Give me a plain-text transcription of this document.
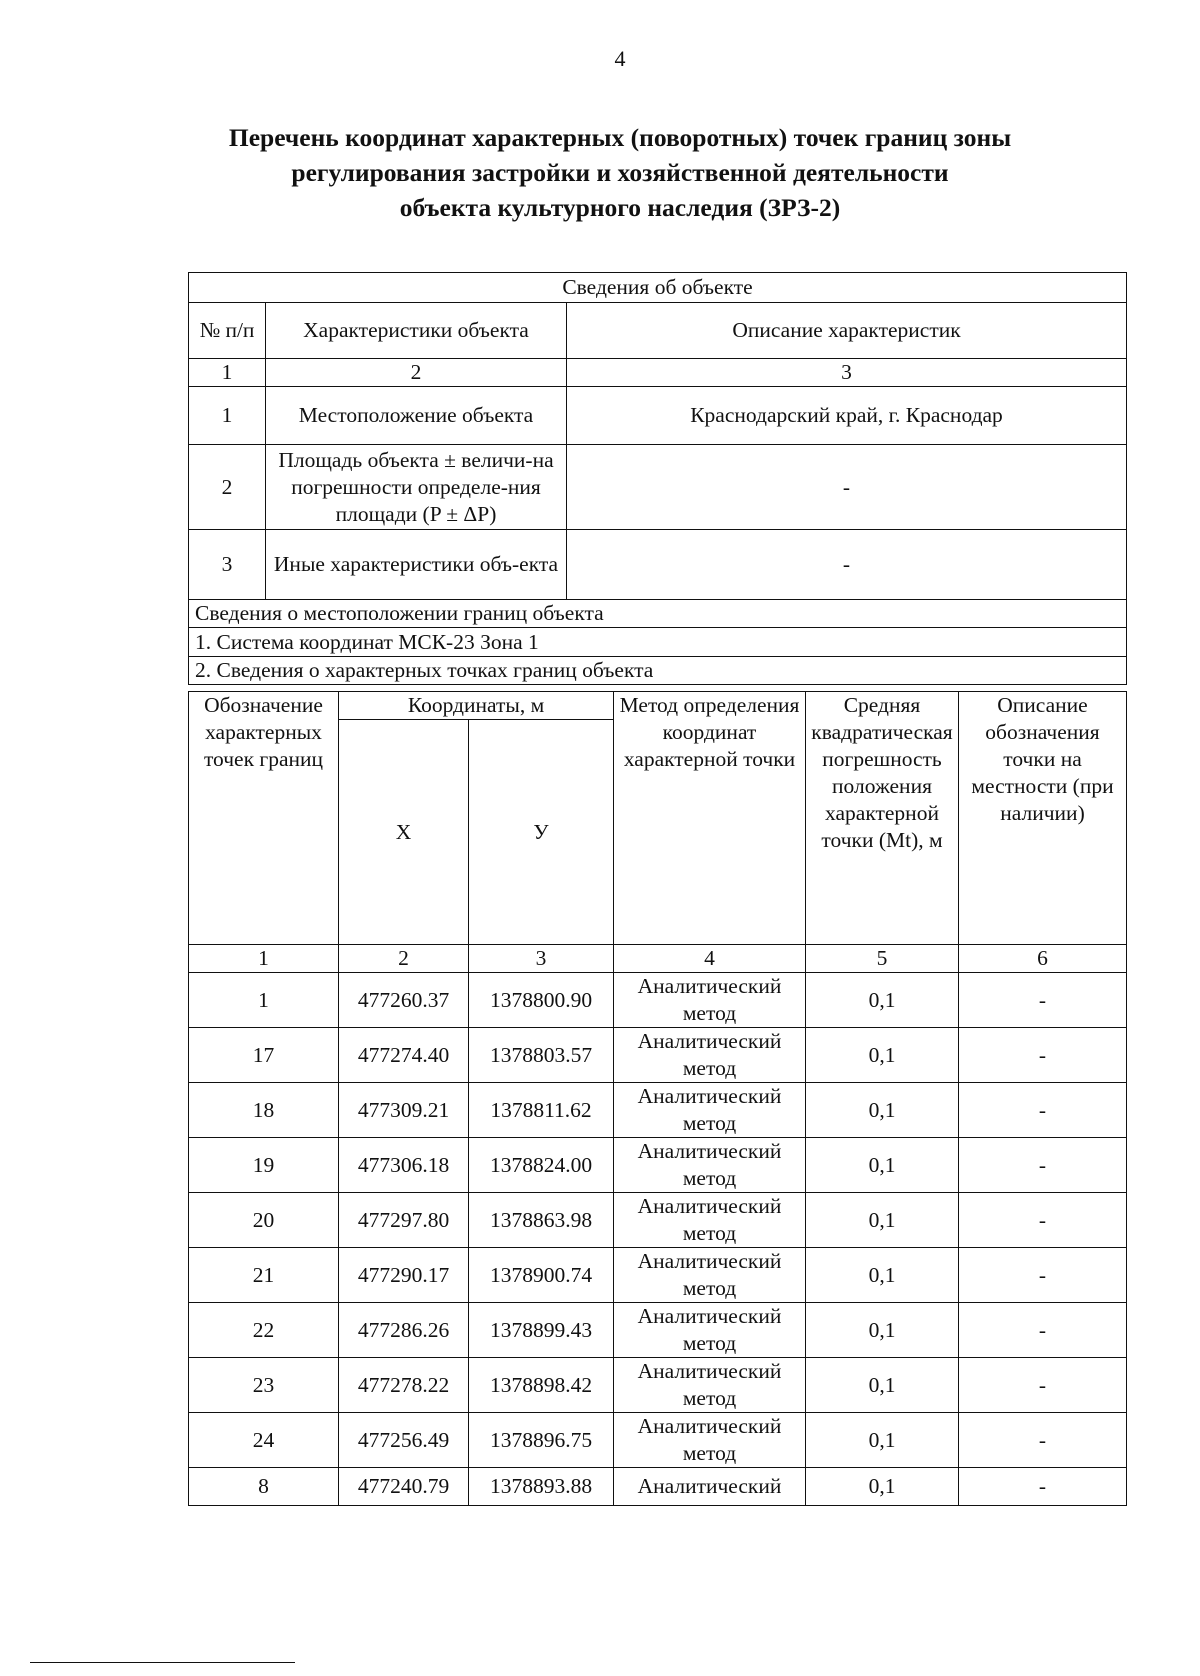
4
Перечень координат характерных (поворотных) точек границ зоны
регулирования застройки и хозяйственной деятельности
объекта культурного наследия (ЗРЗ-2)
Сведения об объекте		
№ п/п	Характеристики объекта	Описание характеристик
1	2	3
1	Местоположение объекта	Краснодарский край, г. Краснодар
2	Площадь объекта ± величи-на погрешности определе-ния площади (P ± ΔP)	-
3	Иные характеристики объ-екта	-
Сведения о местоположении границ объекта		
1. Система координат МСК-23 Зона 1		
2. Сведения о характерных точках границ объекта		
Обозначение характерных точек границ	Координаты, м		Метод определения координат характерной точки	Средняя квадратическая погрешность положения характерной точки (Mt), м	Описание обозначения точки на местности (при наличии)
	X	У			
1	2	3	4	5	6
1	477260.37	1378800.90	Аналитический метод	0,1	-
17	477274.40	1378803.57	Аналитический метод	0,1	-
18	477309.21	1378811.62	Аналитический метод	0,1	-
19	477306.18	1378824.00	Аналитический метод	0,1	-
20	477297.80	1378863.98	Аналитический метод	0,1	-
21	477290.17	1378900.74	Аналитический метод	0,1	-
22	477286.26	1378899.43	Аналитический метод	0,1	-
23	477278.22	1378898.42	Аналитический метод	0,1	-
24	477256.49	1378896.75	Аналитический метод	0,1	-
8	477240.79	1378893.88	Аналитический	0,1	-
